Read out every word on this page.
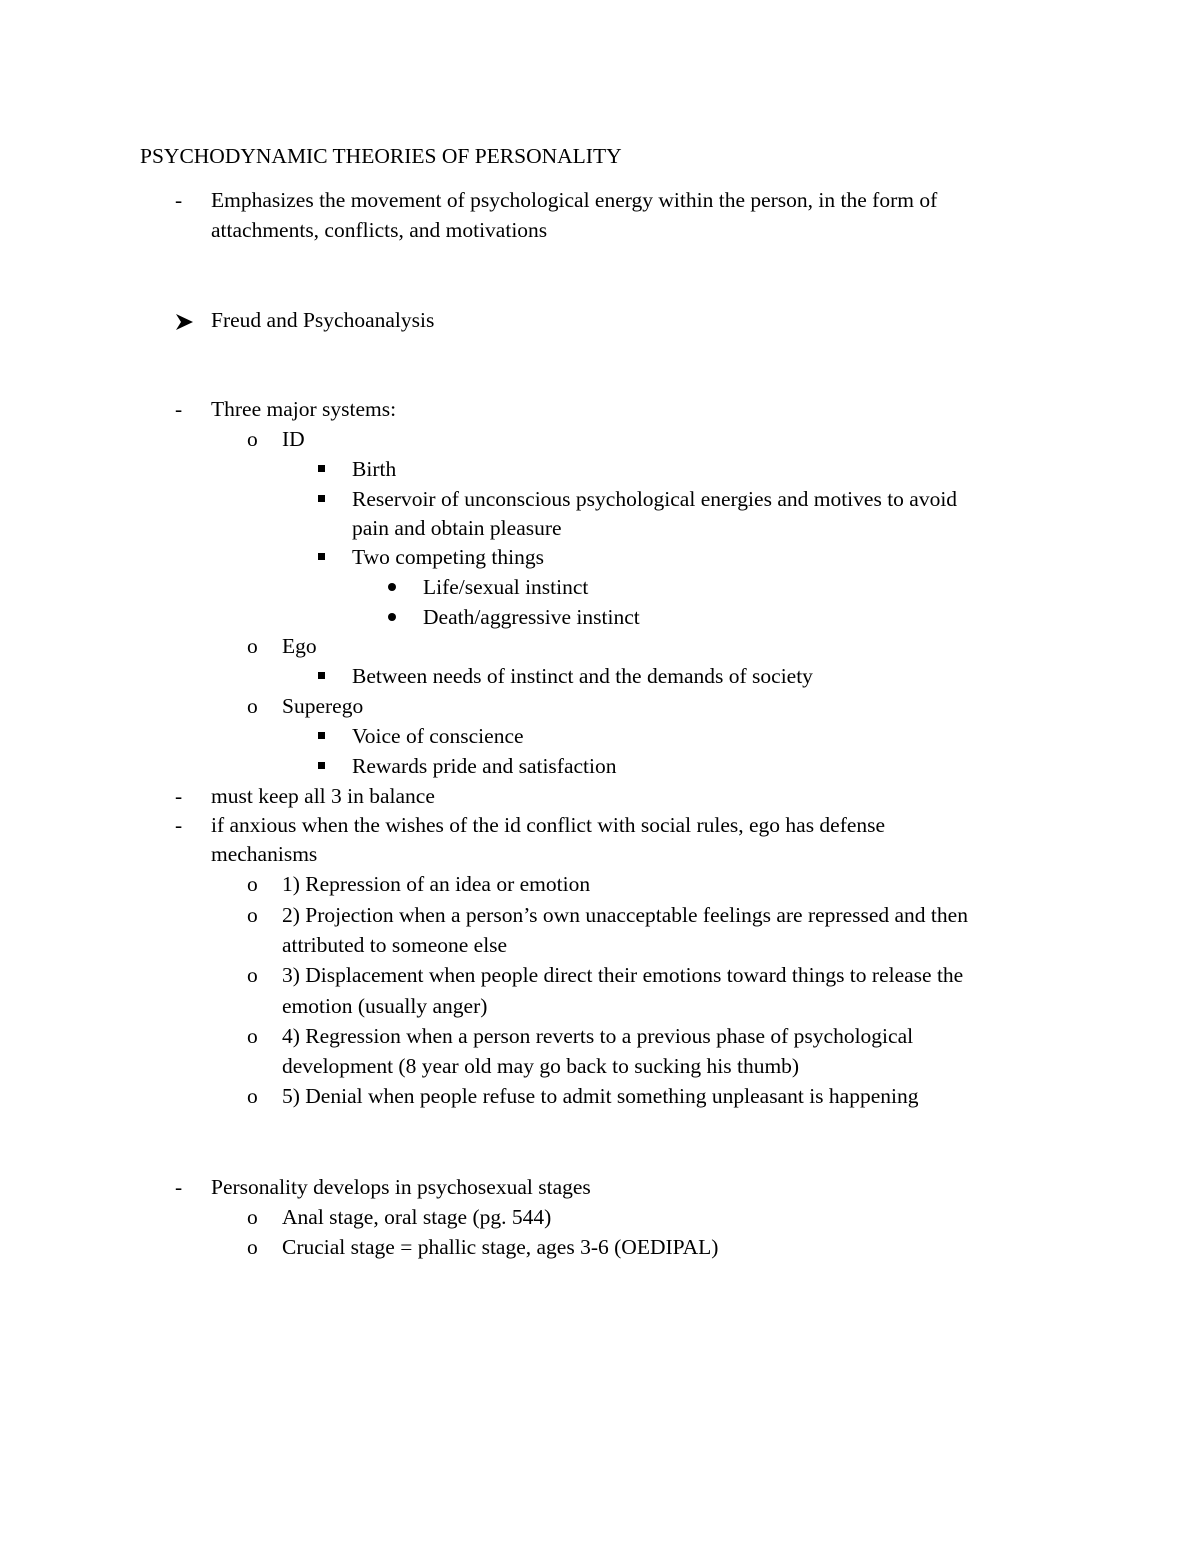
PSYCHODYNAMIC THEORIES OF PERSONALITY
- Emphasizes the movement of psychological energy within the person, in the form of
attachments, conflicts, and motivations
Freud and Psychoanalysis
- Three major systems:
o ID
Birth
Reservoir of unconscious psychological energies and motives to avoid
pain and obtain pleasure
Two competing things
Life/sexual instinct
Death/aggressive instinct
o Ego
Between needs of instinct and the demands of society
o Superego
Voice of conscience
Rewards pride and satisfaction
- must keep all 3 in balance
- if anxious when the wishes of the id conflict with social rules, ego has defense
mechanisms
o 1) Repression of an idea or emotion
o 2) Projection when a person’s own unacceptable feelings are repressed and then
attributed to someone else
o 3) Displacement when people direct their emotions toward things to release the
emotion (usually anger)
o 4) Regression when a person reverts to a previous phase of psychological
development (8 year old may go back to sucking his thumb)
o 5) Denial when people refuse to admit something unpleasant is happening
- Personality develops in psychosexual stages
o Anal stage, oral stage (pg. 544)
o Crucial stage = phallic stage, ages 3-6 (OEDIPAL)
